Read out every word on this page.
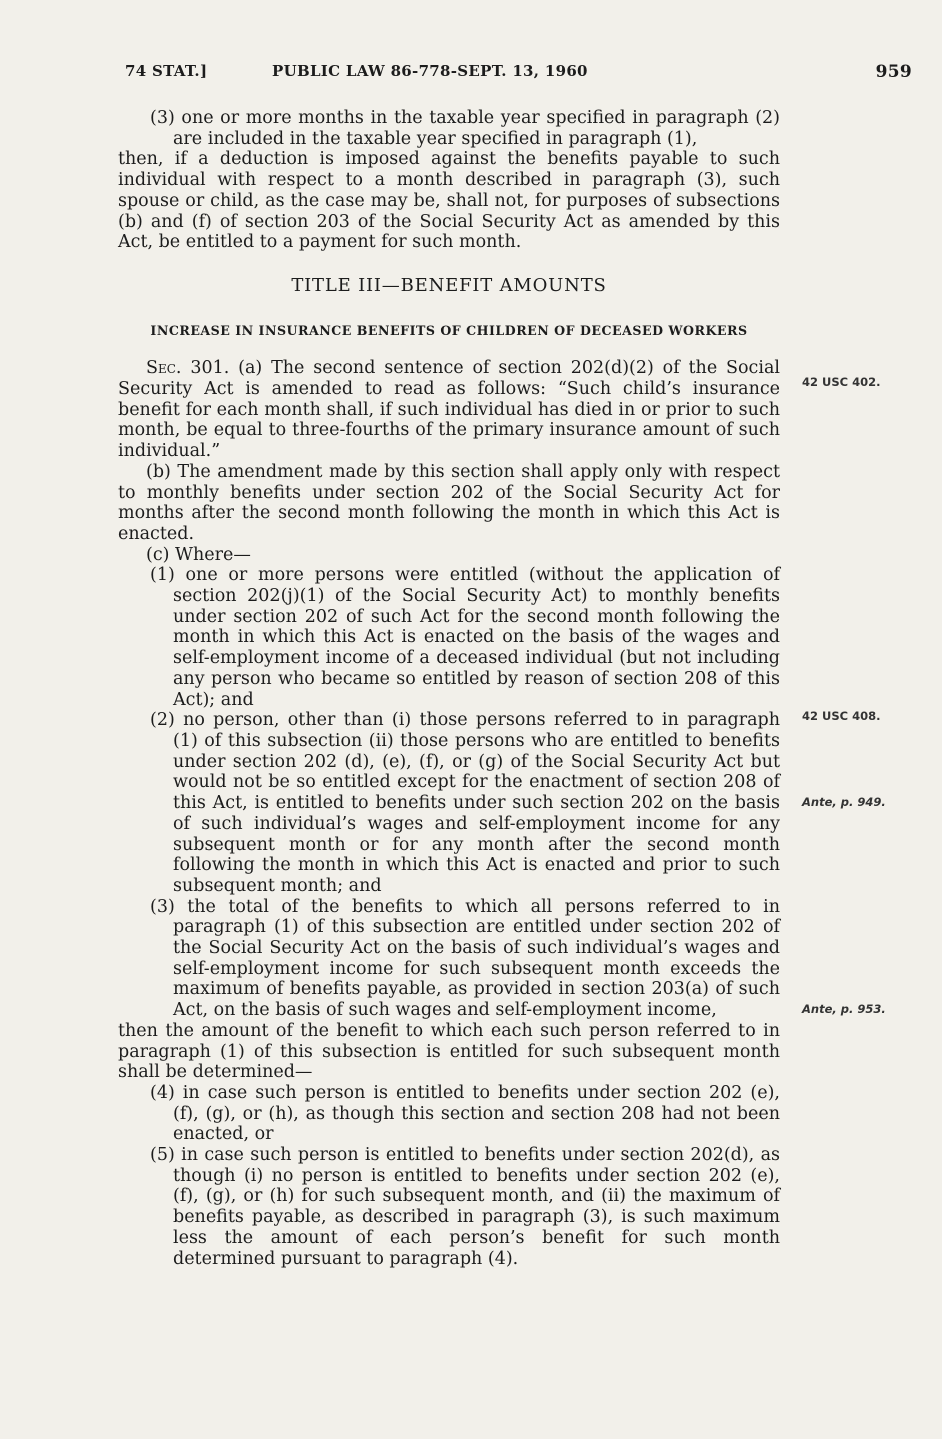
74 STAT.]	PUBLIC LAW 86-778-SEPT. 13, 1960	959

(3) one or more months in the taxable year specified in paragraph (2) are included in the taxable year specified in paragraph (1),

then, if a deduction is imposed against the benefits payable to such individual with respect to a month described in paragraph (3), such spouse or child, as the case may be, shall not, for purposes of subsections (b) and (f) of section 203 of the Social Security Act as amended by this Act, be entitled to a payment for such month.

TITLE III—BENEFIT AMOUNTS

INCREASE IN INSURANCE BENEFITS OF CHILDREN OF DECEASED WORKERS

Sec. 301. (a) The second sentence of section 202(d)(2) of the Social Security Act is amended to read as follows: “Such child’s insurance benefit for each month shall, if such individual has died in or prior to such month, be equal to three-fourths of the primary insurance amount of such individual.”

(b) The amendment made by this section shall apply only with respect to monthly benefits under section 202 of the Social Security Act for months after the second month following the month in which this Act is enacted.

(c) Where—

(1) one or more persons were entitled (without the application of section 202(j)(1) of the Social Security Act) to monthly benefits under section 202 of such Act for the second month following the month in which this Act is enacted on the basis of the wages and self-employment income of a deceased individual (but not including any person who became so entitled by reason of section 208 of this Act); and

(2) no person, other than (i) those persons referred to in paragraph (1) of this subsection (ii) those persons who are entitled to benefits under section 202 (d), (e), (f), or (g) of the Social Security Act but would not be so entitled except for the enactment of section 208 of this Act, is entitled to benefits under such section 202 on the basis of such individual’s wages and self-employment income for any subsequent month or for any month after the second month following the month in which this Act is enacted and prior to such subsequent month; and

(3) the total of the benefits to which all persons referred to in paragraph (1) of this subsection are entitled under section 202 of the Social Security Act on the basis of such individual’s wages and self-employment income for such subsequent month exceeds the maximum of benefits payable, as provided in section 203(a) of such Act, on the basis of such wages and self-employment income,

then the amount of the benefit to which each such person referred to in paragraph (1) of this subsection is entitled for such subsequent month shall be determined—

(4) in case such person is entitled to benefits under section 202 (e), (f), (g), or (h), as though this section and section 208 had not been enacted, or

(5) in case such person is entitled to benefits under section 202(d), as though (i) no person is entitled to benefits under section 202 (e), (f), (g), or (h) for such subsequent month, and (ii) the maximum of benefits payable, as described in paragraph (3), is such maximum less the amount of each person’s benefit for such month determined pursuant to paragraph (4).

42 USC 402.
42 USC 408.
Ante, p. 949.
Ante, p. 953.
